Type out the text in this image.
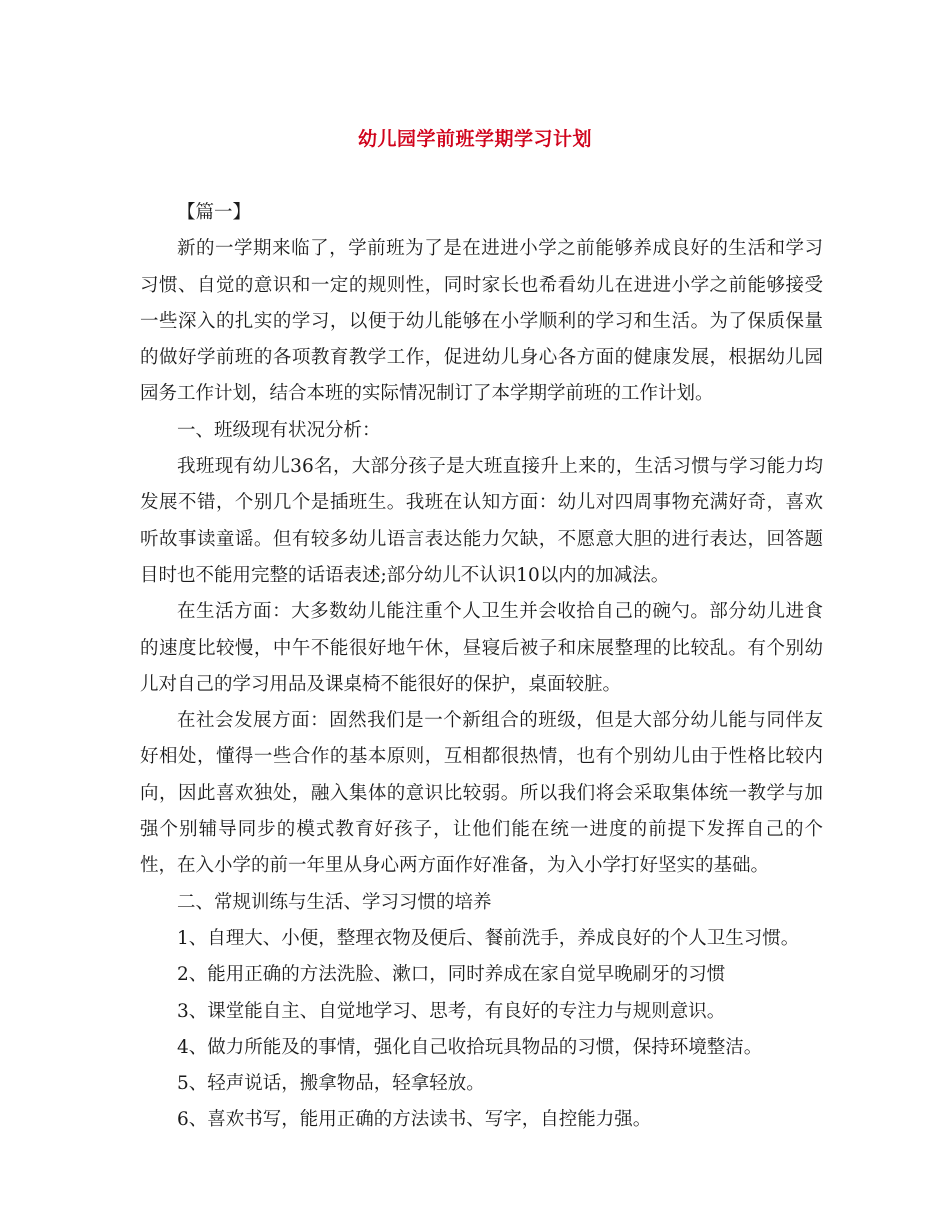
幼儿园学前班学期学习计划

【篇一】

新的一学期来临了，学前班为了是在进进小学之前能够养成良好的生活和学习习惯、自觉的意识和一定的规则性，同时家长也希看幼儿在进进小学之前能够接受一些深入的扎实的学习，以便于幼儿能够在小学顺利的学习和生活。为了保质保量的做好学前班的各项教育教学工作，促进幼儿身心各方面的健康发展，根据幼儿园园务工作计划，结合本班的实际情况制订了本学期学前班的工作计划。

一、班级现有状况分析：

我班现有幼儿36名，大部分孩子是大班直接升上来的，生活习惯与学习能力均发展不错，个别几个是插班生。我班在认知方面：幼儿对四周事物充满好奇，喜欢听故事读童谣。但有较多幼儿语言表达能力欠缺，不愿意大胆的进行表达，回答题目时也不能用完整的话语表述;部分幼儿不认识10以内的加减法。

在生活方面：大多数幼儿能注重个人卫生并会收拾自己的碗勺。部分幼儿进食的速度比较慢，中午不能很好地午休，昼寝后被子和床展整理的比较乱。有个别幼儿对自己的学习用品及课桌椅不能很好的保护，桌面较脏。

在社会发展方面：固然我们是一个新组合的班级，但是大部分幼儿能与同伴友好相处，懂得一些合作的基本原则，互相都很热情，也有个别幼儿由于性格比较内向，因此喜欢独处，融入集体的意识比较弱。所以我们将会采取集体统一教学与加强个别辅导同步的模式教育好孩子，让他们能在统一进度的前提下发挥自己的个性，在入小学的前一年里从身心两方面作好准备，为入小学打好坚实的基础。

二、常规训练与生活、学习习惯的培养

1、自理大、小便，整理衣物及便后、餐前洗手，养成良好的个人卫生习惯。

2、能用正确的方法洗脸、漱口，同时养成在家自觉早晚刷牙的习惯

3、课堂能自主、自觉地学习、思考，有良好的专注力与规则意识。

4、做力所能及的事情，强化自己收拾玩具物品的习惯，保持环境整洁。

5、轻声说话，搬拿物品，轻拿轻放。

6、喜欢书写，能用正确的方法读书、写字，自控能力强。
